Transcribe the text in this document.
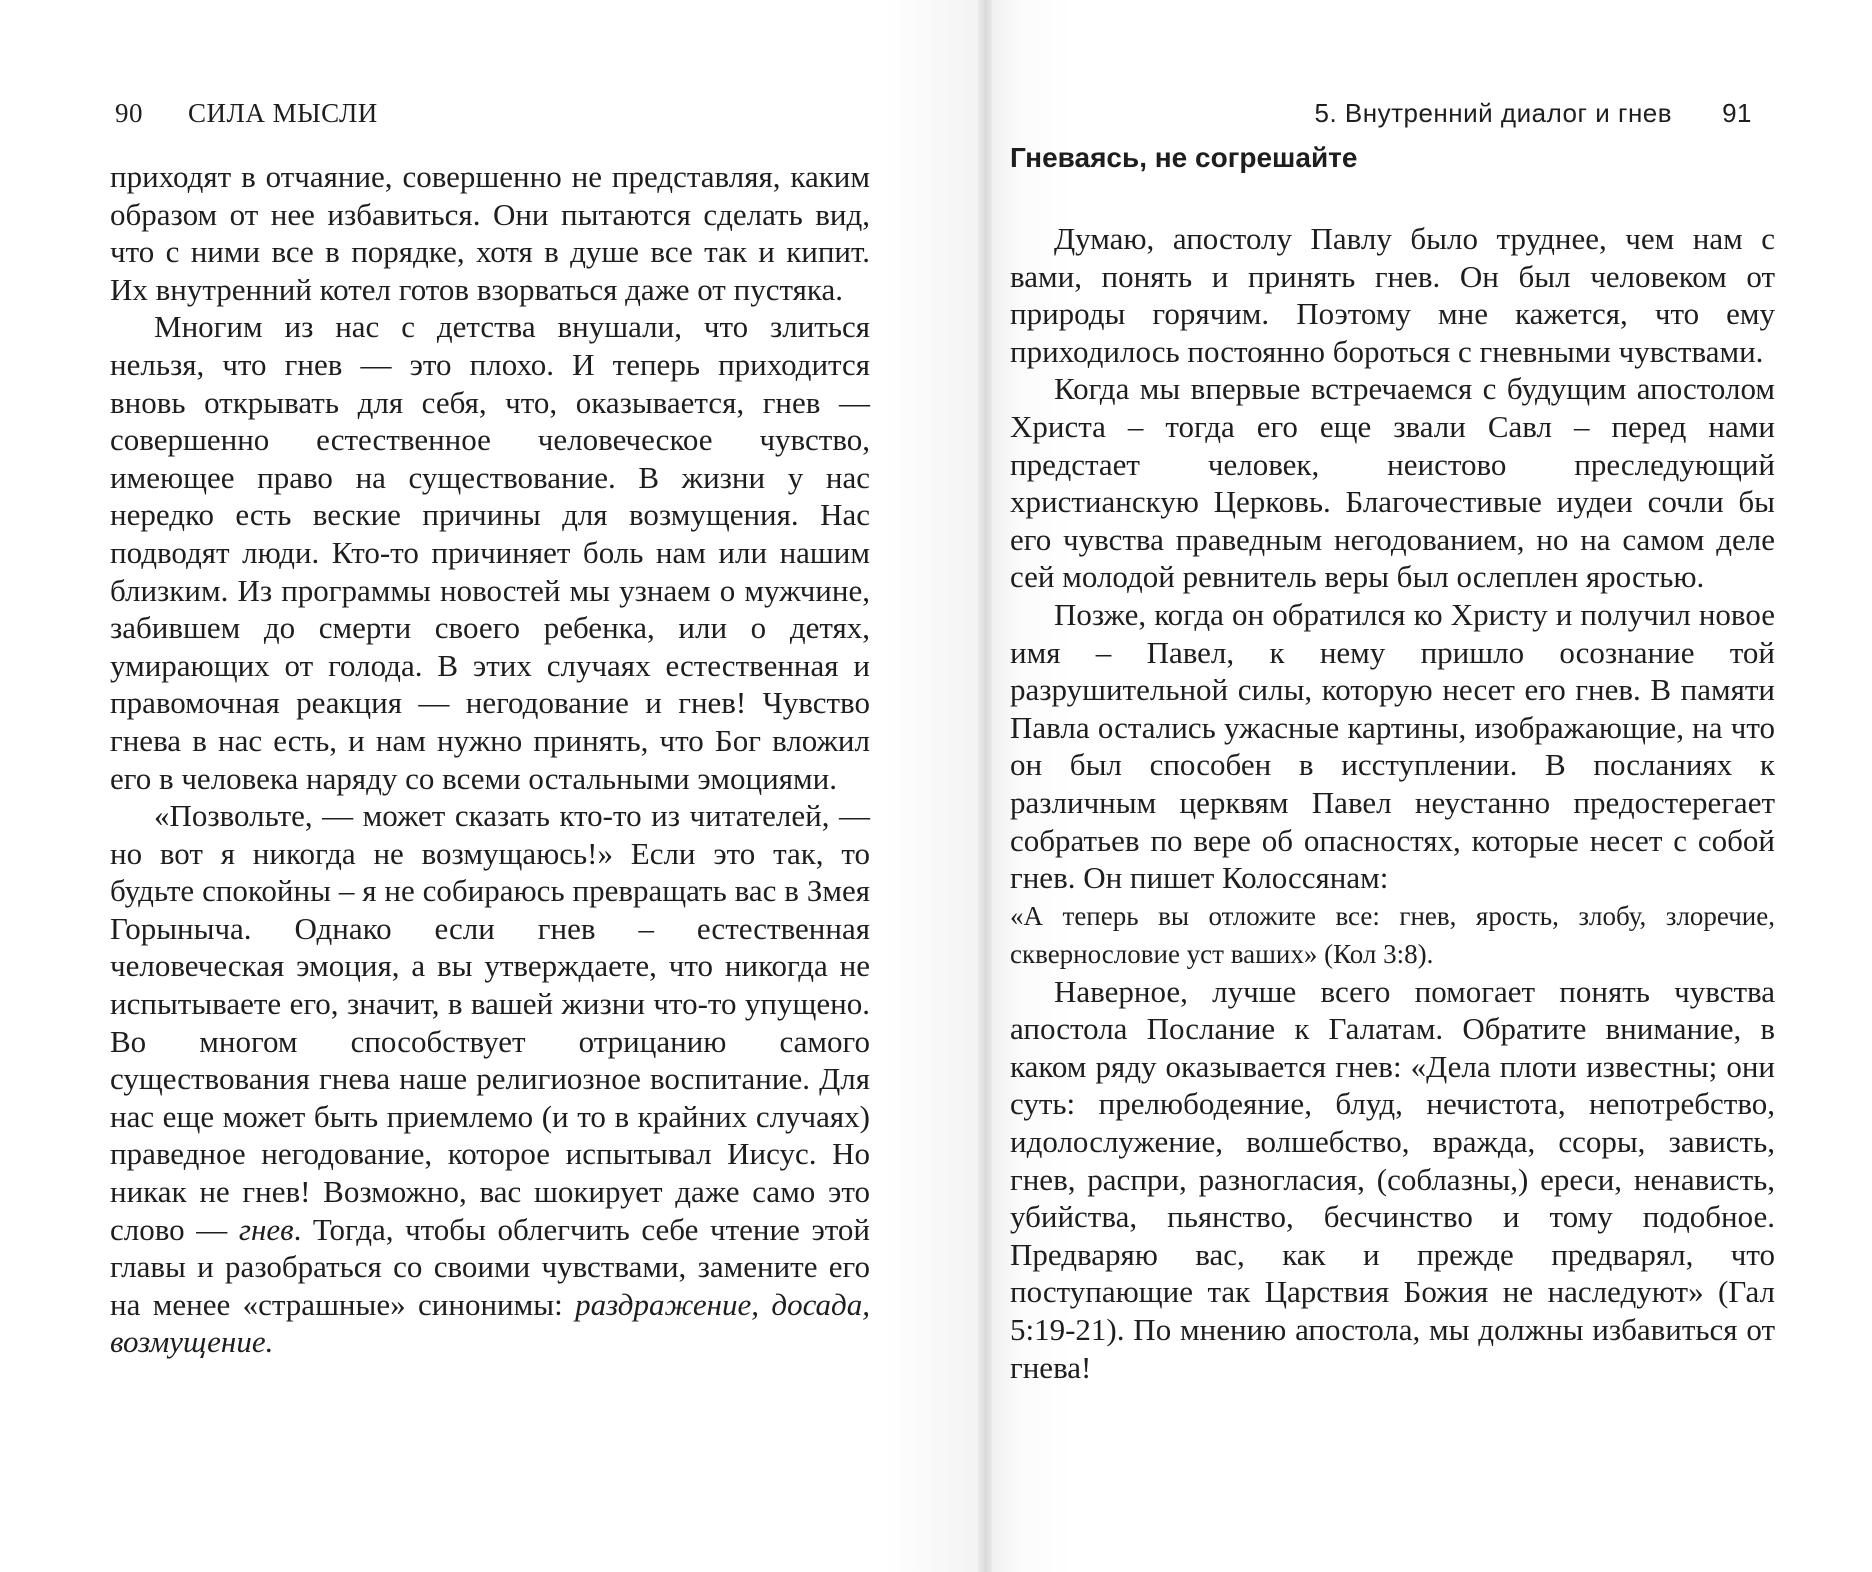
90 СИЛА МЫСЛИ

приходят в отчаяние, совершенно не представляя, каким образом от нее избавиться. Они пытаются сделать вид, что с ними все в порядке, хотя в душе все так и кипит. Их внутренний котел готов взорваться даже от пустяка.

Многим из нас с детства внушали, что злиться нельзя, что гнев — это плохо. И теперь приходится вновь открывать для себя, что, оказывается, гнев — совершенно естественное человеческое чувство, имеющее право на существование. В жизни у нас нередко есть веские причины для возмущения. Нас подводят люди. Кто-то причиняет боль нам или нашим близким. Из программы новостей мы узнаем о мужчине, забившем до смерти своего ребенка, или о детях, умирающих от голода. В этих случаях естественная и правомочная реакция — негодование и гнев! Чувство гнева в нас есть, и нам нужно принять, что Бог вложил его в человека наряду со всеми остальными эмоциями.

«Позвольте, — может сказать кто-то из читателей, — но вот я никогда не возмущаюсь!» Если это так, то будьте спокойны – я не собираюсь превращать вас в Змея Горыныча. Однако если гнев – естественная человеческая эмоция, а вы утверждаете, что никогда не испытываете его, значит, в вашей жизни что-то упущено. Во многом способствует отрицанию самого существования гнева наше религиозное воспитание. Для нас еще может быть приемлемо (и то в крайних случаях) праведное негодование, которое испытывал Иисус. Но никак не гнев! Возможно, вас шокирует даже само это слово — гнев. Тогда, чтобы облегчить себе чтение этой главы и разобраться со своими чувствами, замените его на менее «страшные» синонимы: раздражение, досада, возмущение.

Гневаясь, не согрешайте

Думаю, апостолу Павлу было труднее, чем нам с вами, понять и принять гнев. Он был человеком от природы горячим. Поэтому мне кажется, что ему приходилось постоянно бороться с гневными чувствами.

Когда мы впервые встречаемся с будущим апостолом Христа – тогда его еще звали Савл – перед нами предстает человек, неистово преследующий христианскую Церковь. Благочестивые иудеи сочли бы его чувства праведным негодованием, но на самом деле сей молодой ревнитель веры был ослеплен яростью.

Позже, когда он обратился ко Христу и получил новое имя – Павел, к нему пришло осознание той разрушительной силы, которую несет его гнев. В памяти Павла остались ужасные картины, изображающие, на что он был способен в исступлении. В посланиях к различным церквям Павел неустанно предостерегает собратьев по вере об опасностях, которые несет с собой гнев. Он пишет Колоссянам:

«А теперь вы отложите все: гнев, ярость, злобу, злоречие, сквернословие уст ваших» (Кол 3:8).

Наверное, лучше всего помогает понять чувства апостола Послание к Галатам. Обратите внимание, в каком ряду оказывается гнев: «Дела плоти известны; они суть: прелюбодеяние, блуд, нечистота, непотребство, идолослужение, волшебство, вражда, ссоры, зависть, гнев, распри, разногласия, (соблазны,) ереси, ненависть, убийства, пьянство, бесчинство и тому подобное. Предваряю вас, как и прежде предварял, что поступающие так Царствия Божия не наследуют» (Гал 5:19-21). По мнению апостола, мы должны избавиться от гнева!

5. Внутренний диалог и гнев 91
